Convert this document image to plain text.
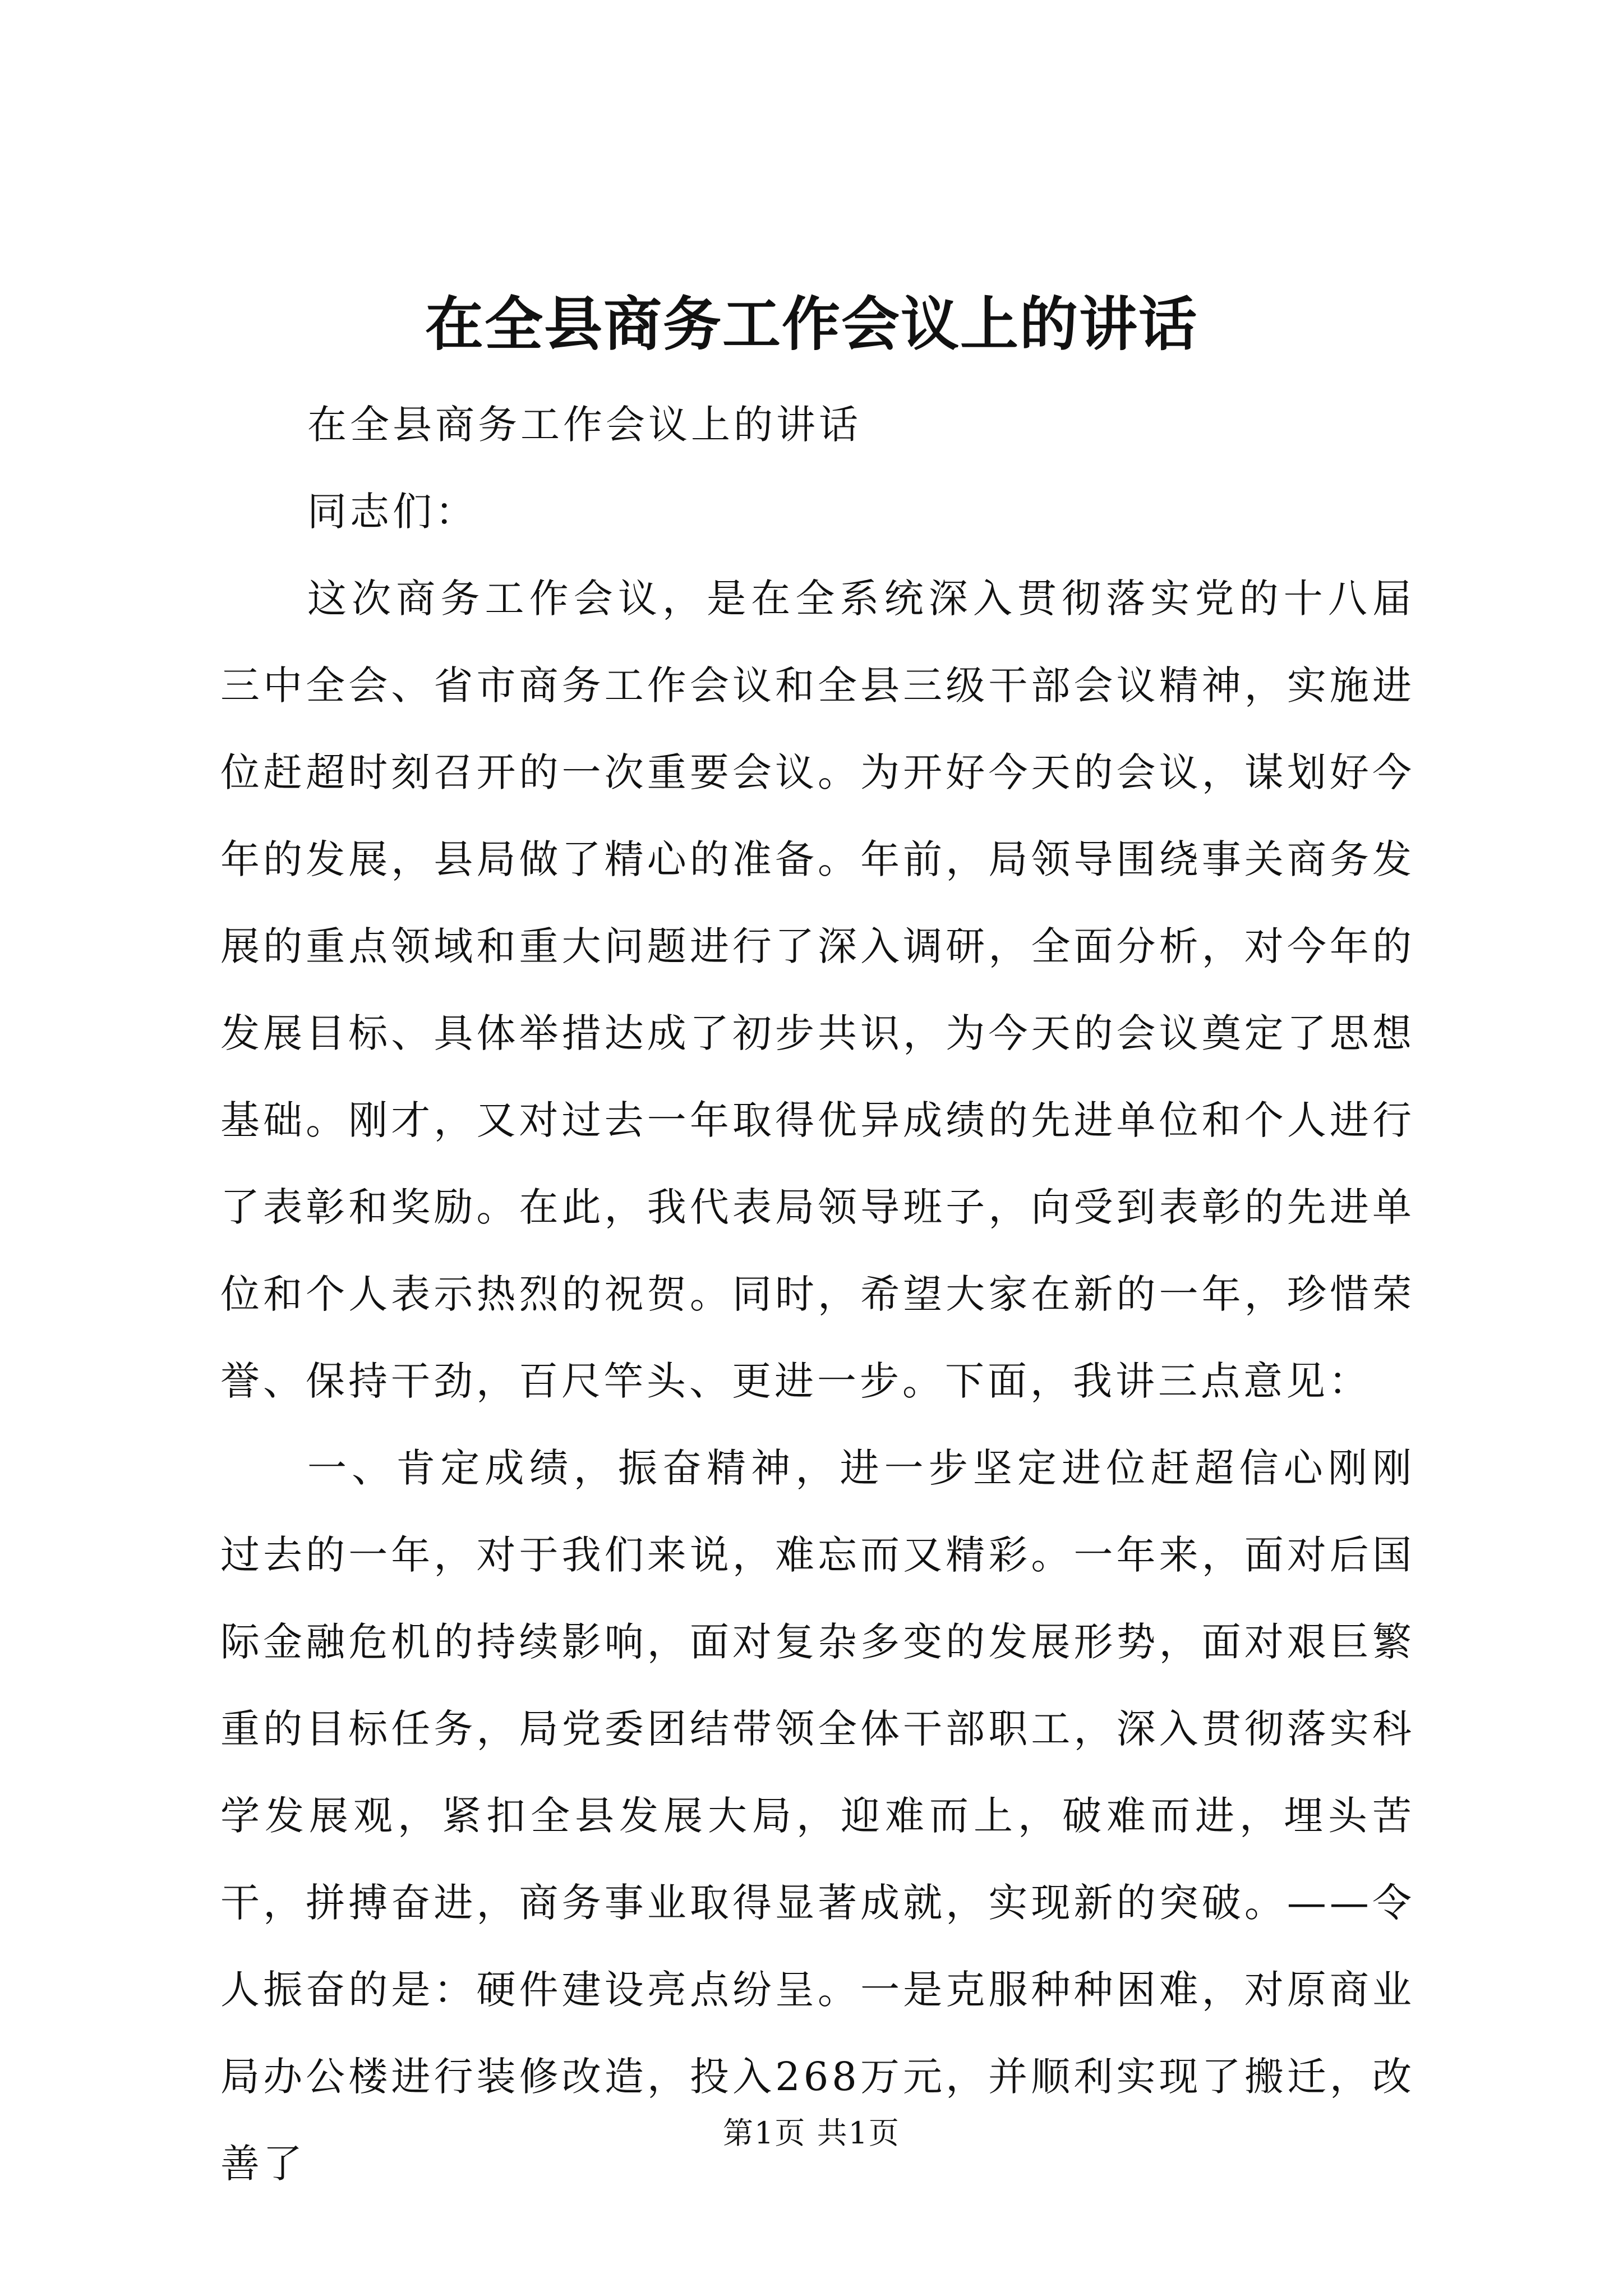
在全县商务工作会议上的讲话

在全县商务工作会议上的讲话

同志们：

这次商务工作会议，是在全系统深入贯彻落实党的十八届三中全会、省市商务工作会议和全县三级干部会议精神，实施进位赶超时刻召开的一次重要会议。为开好今天的会议，谋划好今年的发展，县局做了精心的准备。年前，局领导围绕事关商务发展的重点领域和重大问题进行了深入调研，全面分析，对今年的发展目标、具体举措达成了初步共识，为今天的会议奠定了思想基础。刚才，又对过去一年取得优异成绩的先进单位和个人进行了表彰和奖励。在此，我代表局领导班子，向受到表彰的先进单位和个人表示热烈的祝贺。同时，希望大家在新的一年，珍惜荣誉、保持干劲，百尺竿头、更进一步。下面，我讲三点意见：

一、肯定成绩，振奋精神，进一步坚定进位赶超信心刚刚过去的一年，对于我们来说，难忘而又精彩。一年来，面对后国际金融危机的持续影响，面对复杂多变的发展形势，面对艰巨繁重的目标任务，局党委团结带领全体干部职工，深入贯彻落实科学发展观，紧扣全县发展大局，迎难而上，破难而进，埋头苦干，拼搏奋进，商务事业取得显著成就，实现新的突破。——令人振奋的是：硬件建设亮点纷呈。一是克服种种困难，对原商业局办公楼进行装修改造，投入268万元，并顺利实现了搬迁，改善了

第1页 共1页
